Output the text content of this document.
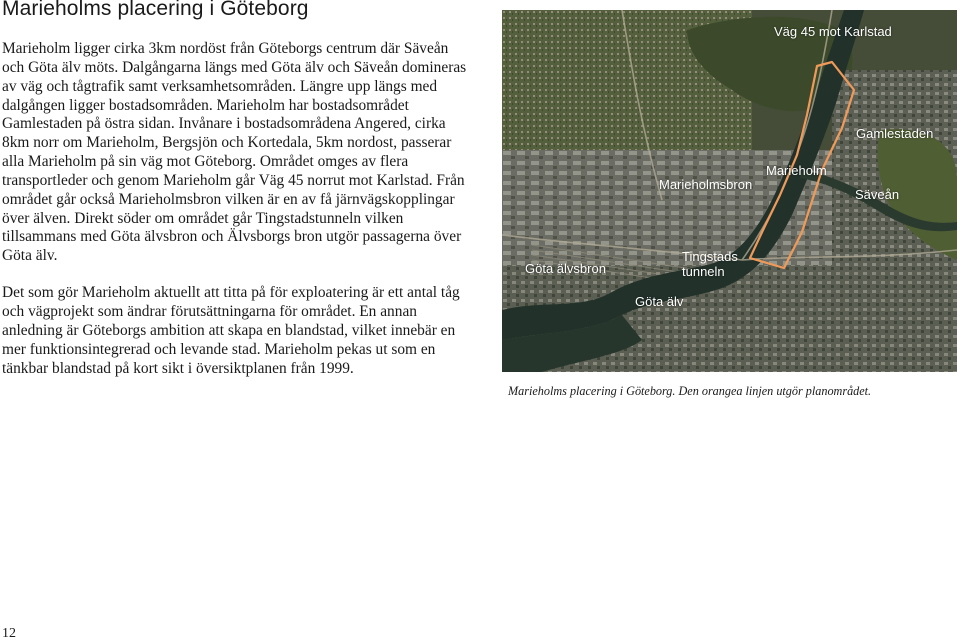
Marieholms placering i Göteborg

Marieholm ligger cirka 3km nordöst från Göteborgs centrum där Säveån och Göta älv möts. Dalgångarna längs med Göta älv och Säveån domineras av väg och tågtrafik samt verksamhetsområden. Längre upp längs med dalgången ligger bostadsområden. Marieholm har bostadsområdet Gamlestaden på östra sidan. Invånare i bostadsområdena Angered, cirka 8km norr om Marieholm, Bergsjön och Kortedala, 5km nordost, passerar alla Marieholm på sin väg mot Göteborg. Området omges av flera transportleder och genom Marieholm går Väg 45 norrut mot Karlstad. Från området går också Marieholmsbron vilken är en av få järnvägskopplingar över älven. Direkt söder om området går Tingstadstunneln vilken tillsammans med Göta älvsbron och Älvsborgs bron utgör passagerna över Göta älv.

Det som gör Marieholm aktuellt att titta på för exploatering är ett antal tåg och vägprojekt som ändrar förutsättningarna för området. En annan anledning är Göteborgs ambition att skapa en blandstad, vilket innebär en mer funktionsintegrerad och levande stad. Marieholm pekas ut som en tänkbar blandstad på kort sikt i översiktplanen från 1999.

Väg 45 mot Karlstad
Gamlestaden
Marieholm
Marieholmsbron
Säveån
Göta älvsbron
Tingstads
tunneln
Göta älv
Marieholms placering i Göteborg. Den orangea linjen utgör planområdet.
12
